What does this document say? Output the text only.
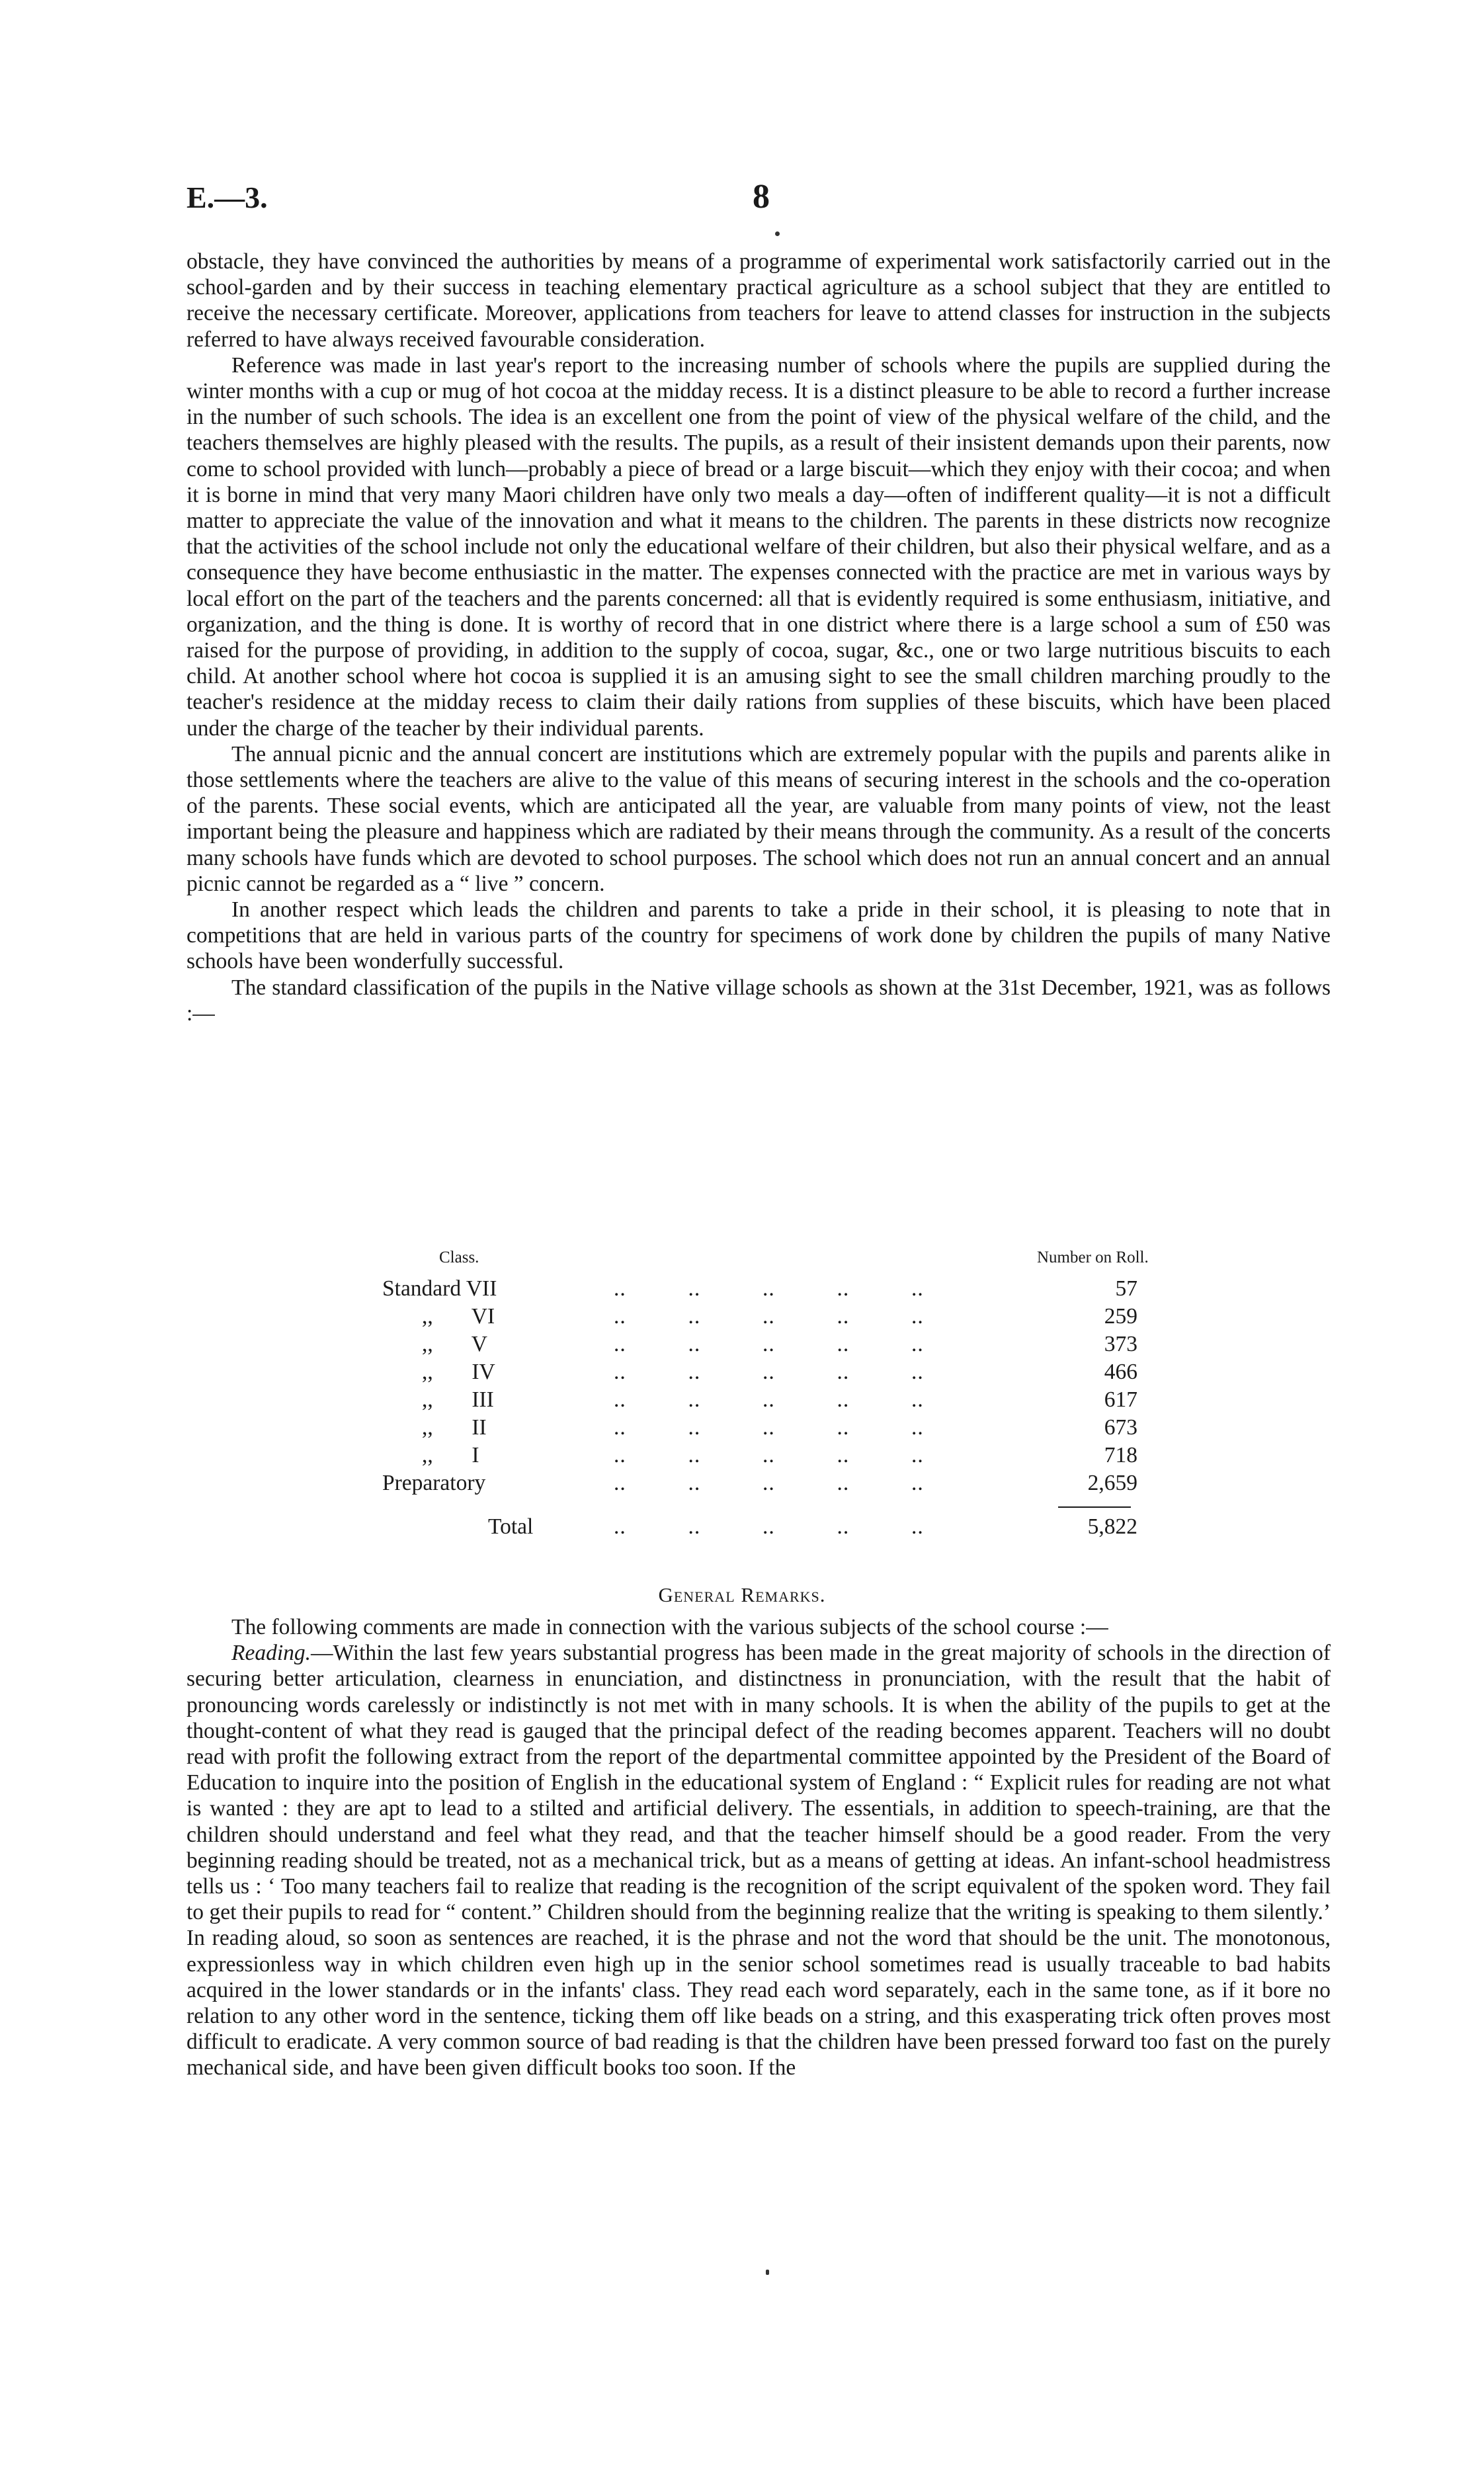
E.—3.	8

obstacle, they have convinced the authorities by means of a programme of experimental work satisfactorily carried out in the school-garden and by their success in teaching elementary practical agriculture as a school subject that they are entitled to receive the necessary certificate. Moreover, applications from teachers for leave to attend classes for instruction in the subjects referred to have always received favourable consideration.

Reference was made in last year's report to the increasing number of schools where the pupils are supplied during the winter months with a cup or mug of hot cocoa at the midday recess. It is a distinct pleasure to be able to record a further increase in the number of such schools. The idea is an excellent one from the point of view of the physical welfare of the child, and the teachers themselves are highly pleased with the results. The pupils, as a result of their insistent demands upon their parents, now come to school provided with lunch—probably a piece of bread or a large biscuit—which they enjoy with their cocoa; and when it is borne in mind that very many Maori children have only two meals a day—often of indifferent quality—it is not a difficult matter to appreciate the value of the innovation and what it means to the children. The parents in these districts now recognize that the activities of the school include not only the educational welfare of their children, but also their physical welfare, and as a consequence they have become enthusiastic in the matter. The expenses connected with the practice are met in various ways by local effort on the part of the teachers and the parents concerned: all that is evidently required is some enthusiasm, initiative, and organization, and the thing is done. It is worthy of record that in one district where there is a large school a sum of £50 was raised for the purpose of providing, in addition to the supply of cocoa, sugar, &c., one or two large nutritious biscuits to each child. At another school where hot cocoa is supplied it is an amusing sight to see the small children marching proudly to the teacher's residence at the midday recess to claim their daily rations from supplies of these biscuits, which have been placed under the charge of the teacher by their individual parents.

The annual picnic and the annual concert are institutions which are extremely popular with the pupils and parents alike in those settlements where the teachers are alive to the value of this means of securing interest in the schools and the co-operation of the parents. These social events, which are anticipated all the year, are valuable from many points of view, not the least important being the pleasure and happiness which are radiated by their means through the community. As a result of the concerts many schools have funds which are devoted to school purposes. The school which does not run an annual concert and an annual picnic cannot be regarded as a “ live ” concern.

In another respect which leads the children and parents to take a pride in their school, it is pleasing to note that in competitions that are held in various parts of the country for specimens of work done by children the pupils of many Native schools have been wonderfully successful.

The standard classification of the pupils in the Native village schools as shown at the 31st December, 1921, was as follows :—

Class.	Number on Roll.
Standard VII	..          ..          ..          ..          ..	57
,,       VI	..          ..          ..          ..          ..	259
,,       V	..          ..          ..          ..          ..	373
,,       IV	..          ..          ..          ..          ..	466
,,       III	..          ..          ..          ..          ..	617
,,       II	..          ..          ..          ..          ..	673
,,       I	..          ..          ..          ..          ..	718
Preparatory	..          ..          ..          ..          ..	2,659
Total	..          ..          ..          ..          ..	5,822
General Remarks.

The following comments are made in connection with the various subjects of the school course :—

Reading.—Within the last few years substantial progress has been made in the great majority of schools in the direction of securing better articulation, clearness in enunciation, and distinctness in pronunciation, with the result that the habit of pronouncing words carelessly or indistinctly is not met with in many schools. It is when the ability of the pupils to get at the thought-content of what they read is gauged that the principal defect of the reading becomes apparent. Teachers will no doubt read with profit the following extract from the report of the departmental committee appointed by the President of the Board of Education to inquire into the position of English in the educational system of England : “ Explicit rules for reading are not what is wanted : they are apt to lead to a stilted and artificial delivery. The essentials, in addition to speech-training, are that the children should understand and feel what they read, and that the teacher himself should be a good reader. From the very beginning reading should be treated, not as a mechanical trick, but as a means of getting at ideas. An infant-school headmistress tells us : ‘ Too many teachers fail to realize that reading is the recognition of the script equivalent of the spoken word. They fail to get their pupils to read for “ content.” Children should from the beginning realize that the writing is speaking to them silently.’ In reading aloud, so soon as sentences are reached, it is the phrase and not the word that should be the unit. The monotonous, expressionless way in which children even high up in the senior school sometimes read is usually traceable to bad habits acquired in the lower standards or in the infants' class. They read each word separately, each in the same tone, as if it bore no relation to any other word in the sentence, ticking them off like beads on a string, and this exasperating trick often proves most difficult to eradicate. A very common source of bad reading is that the children have been pressed forward too fast on the purely mechanical side, and have been given difficult books too soon. If the
